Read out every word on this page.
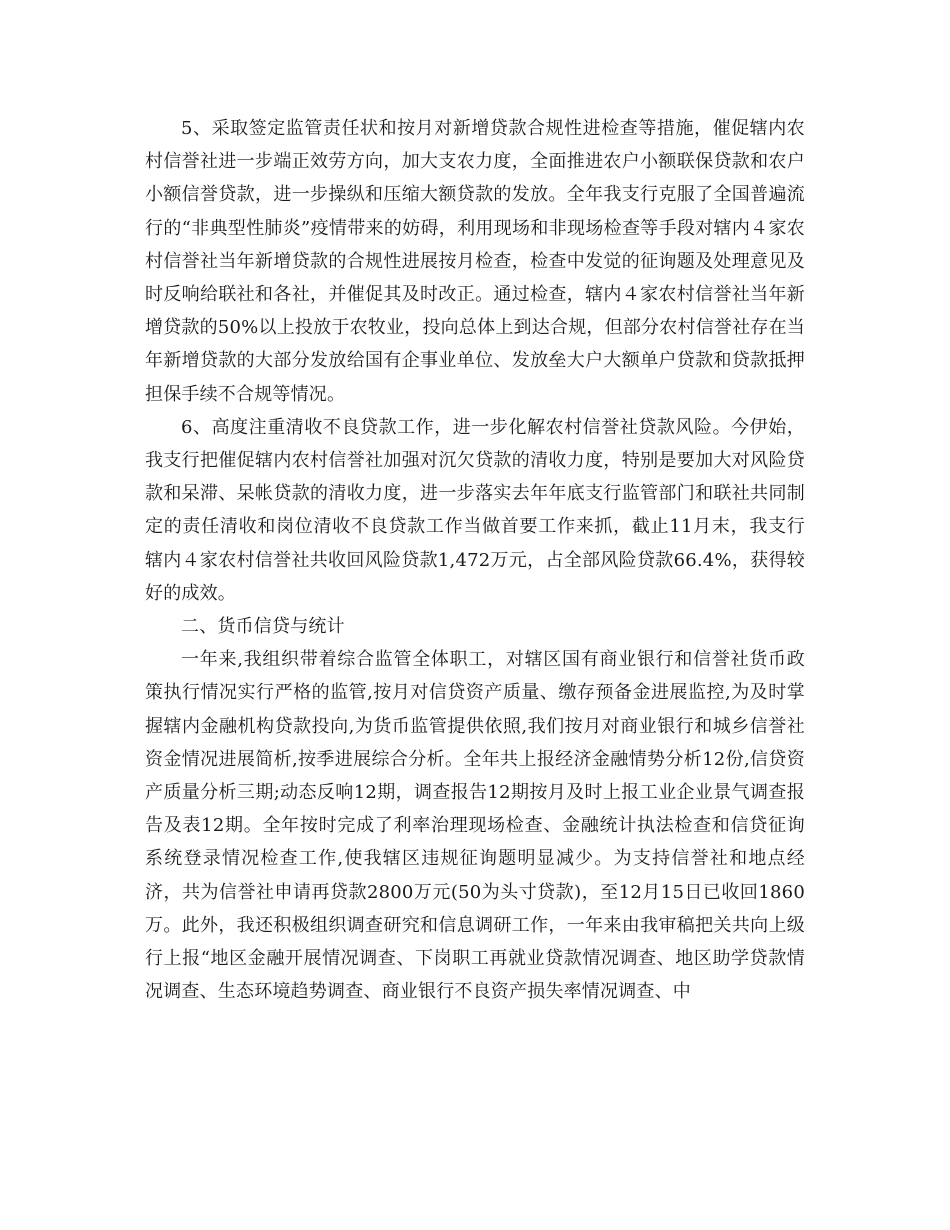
5、采取签定监管责任状和按月对新增贷款合规性进检查等措施，催促辖内农村信誉社进一步端正效劳方向，加大支农力度，全面推进农户小额联保贷款和农户小额信誉贷款，进一步操纵和压缩大额贷款的发放。全年我支行克服了全国普遍流行的“非典型性肺炎”疫情带来的妨碍，利用现场和非现场检查等手段对辖内４家农村信誉社当年新增贷款的合规性进展按月检查，检查中发觉的征询题及处理意见及时反响给联社和各社，并催促其及时改正。通过检查，辖内４家农村信誉社当年新增贷款的50%以上投放于农牧业，投向总体上到达合规，但部分农村信誉社存在当年新增贷款的大部分发放给国有企事业单位、发放垒大户大额单户贷款和贷款抵押担保手续不合规等情况。

6、高度注重清收不良贷款工作，进一步化解农村信誉社贷款风险。今伊始，我支行把催促辖内农村信誉社加强对沉欠贷款的清收力度，特别是要加大对风险贷款和呆滞、呆帐贷款的清收力度，进一步落实去年年底支行监管部门和联社共同制定的责任清收和岗位清收不良贷款工作当做首要工作来抓，截止11月末，我支行辖内４家农村信誉社共收回风险贷款1,472万元，占全部风险贷款66.4%，获得较好的成效。

二、货币信贷与统计

一年来,我组织带着综合监管全体职工，对辖区国有商业银行和信誉社货币政策执行情况实行严格的监管,按月对信贷资产质量、缴存预备金进展监控,为及时掌握辖内金融机构贷款投向,为货币监管提供依照,我们按月对商业银行和城乡信誉社资金情况进展简析,按季进展综合分析。全年共上报经济金融情势分析12份,信贷资产质量分析三期;动态反响12期，调查报告12期按月及时上报工业企业景气调查报告及表12期。全年按时完成了利率治理现场检查、金融统计执法检查和信贷征询系统登录情况检查工作,使我辖区违规征询题明显减少。为支持信誉社和地点经济，共为信誉社申请再贷款2800万元(50为头寸贷款)，至12月15日已收回1860万。此外，我还积极组织调查研究和信息调研工作，一年来由我审稿把关共向上级行上报“地区金融开展情况调查、下岗职工再就业贷款情况调查、地区助学贷款情况调查、生态环境趋势调查、商业银行不良资产损失率情况调查、中
